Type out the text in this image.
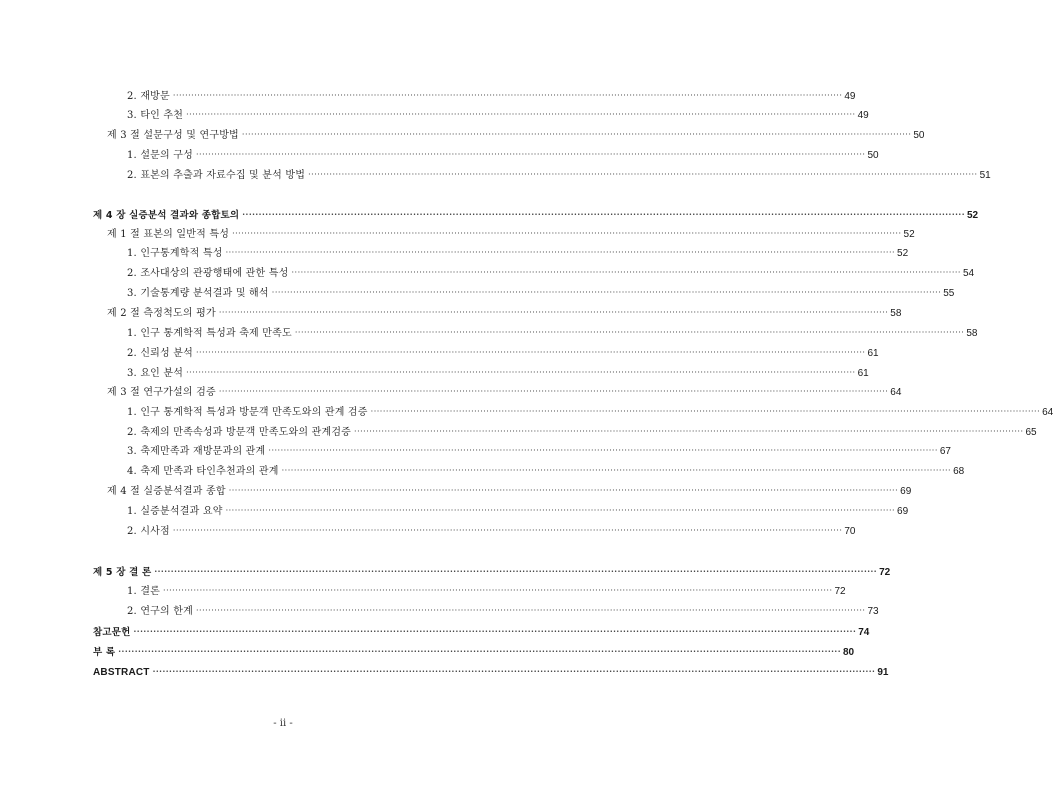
2. 재방문 ···························································································································································································································· 49
3. 타인 추천 ···························································································································································································································· 49
제 3 절 설문구성 및 연구방법 ···························································································································································································································· 50
1. 설문의 구성 ···························································································································································································································· 50
2. 표본의 추출과 자료수집 및 분석 방법 ···························································································································································································································· 51
제 4 장 실증분석 결과와 종합토의 ···························································································································································································································· 52
제 1 절 표본의 일반적 특성 ···························································································································································································································· 52
1. 인구통계학적 특성 ···························································································································································································································· 52
2. 조사대상의 관광행태에 관한 특성 ···························································································································································································································· 54
3. 기술통계량 분석결과 및 해석 ···························································································································································································································· 55
제 2 절 측정척도의 평가 ···························································································································································································································· 58
1. 인구 통계학적 특성과 축제 만족도 ···························································································································································································································· 58
2. 신뢰성 분석 ···························································································································································································································· 61
3. 요인 분석 ···························································································································································································································· 61
제 3 절 연구가설의 검증 ···························································································································································································································· 64
1. 인구 통계학적 특성과 방문객 만족도와의 관계 검증 ···························································································································································································································· 64
2. 축제의 만족속성과 방문객 만족도와의 관계검증 ···························································································································································································································· 65
3. 축제만족과 재방문과의 관계 ···························································································································································································································· 67
4. 축제 만족과 타인추천과의 관계 ···························································································································································································································· 68
제 4 절 실증분석결과 종합 ···························································································································································································································· 69
1. 실증분석결과 요약 ···························································································································································································································· 69
2. 시사점 ···························································································································································································································· 70
제 5 장 결 론 ···························································································································································································································· 72
1. 결론 ···························································································································································································································· 72
2. 연구의 한계 ···························································································································································································································· 73
참고문헌 ···························································································································································································································· 74
부 록 ···························································································································································································································· 80
ABSTRACT ···························································································································································································································· 91
- ii -
